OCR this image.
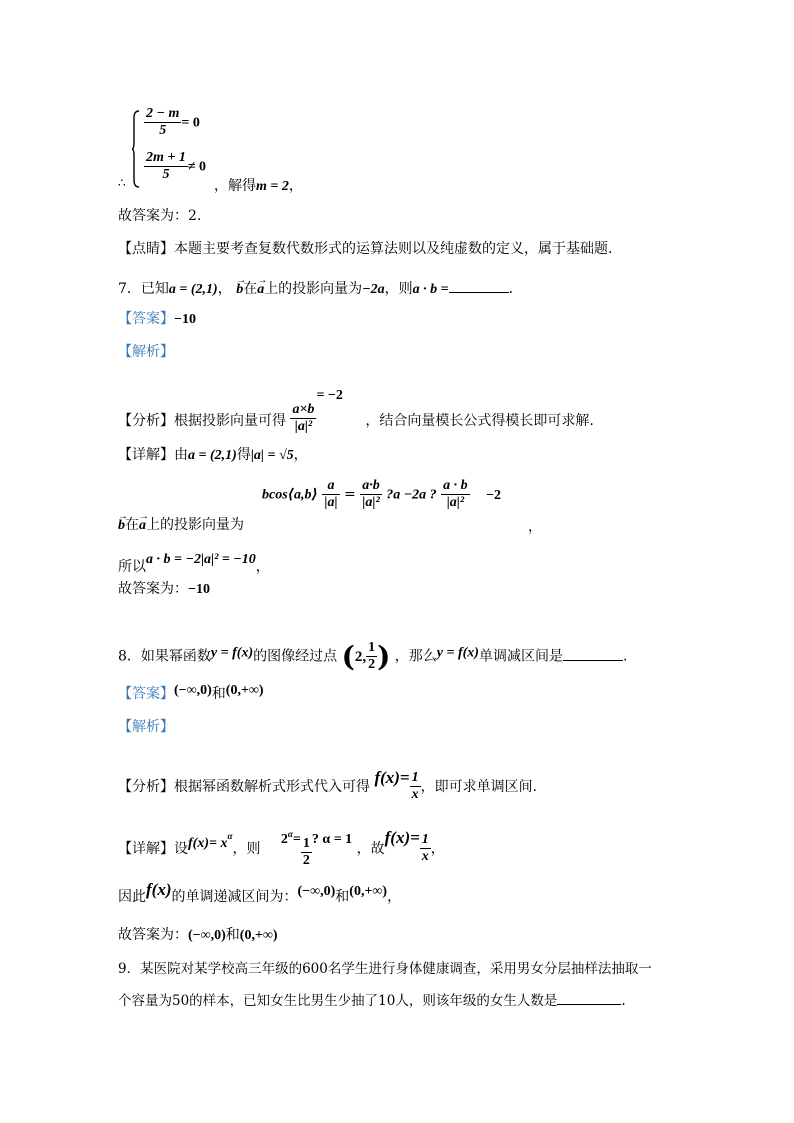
∴
$\frac{2 - m}{5} = 0$
$\frac{2m + 1}{5} \ne 0$
，解得m = 2，
故答案为：2.
【点睛】本题主要考查复数代数形式的运算法则以及纯虚数的定义，属于基础题.
7．已知a = (2,1)， → b在→ a上的投影向量为−2a，则a · b =	.
【答案】−10
【解析】
【分析】根据投影向量可得 $\frac{a\times b}{\text{|a|²}}$
= −2 ，结合向量模长公式得模长即可求解.
【详解】由a = (2,1)得|a| = √5，
bcos⟨a,b⟩ $\frac{a}{|a|} = \frac{a\cdot b}{\text{|a|²}}$ ?a −2a ? $\frac{a \cdot b}{\text{|a|²}} -2$
→ b在→ a上的投影向量为	，
所以a · b = −2|a|² = −10，
故答案为：−10
8．如果幂函数y = f(x)的图像经过点 ( 2, $\frac{1}{2}$ ) ，那么y = f(x)单调减区间是	.
【答案】(−∞,0)和(0,+∞)
【解析】
【分析】根据幂函数解析式形式代入可得 $f(x)= \frac{1}{x}$ ，即可求单调区间.
【详解】设$f(x)= x^\alpha$，则 $2^\alpha= \frac{1}{2}$ ? α = 1 ，故$f(x)= \frac{1}{x}$ ，
因此f(x)的单调递减区间为：(−∞,0)和(0,+∞)，
故答案为：(−∞,0)和(0,+∞)
9．某医院对某学校高三年级的600名学生进行身体健康调查，采用男女分层抽样法抽取一
个容量为50的样本，已知女生比男生少抽了10人，则该年级的女生人数是	.
